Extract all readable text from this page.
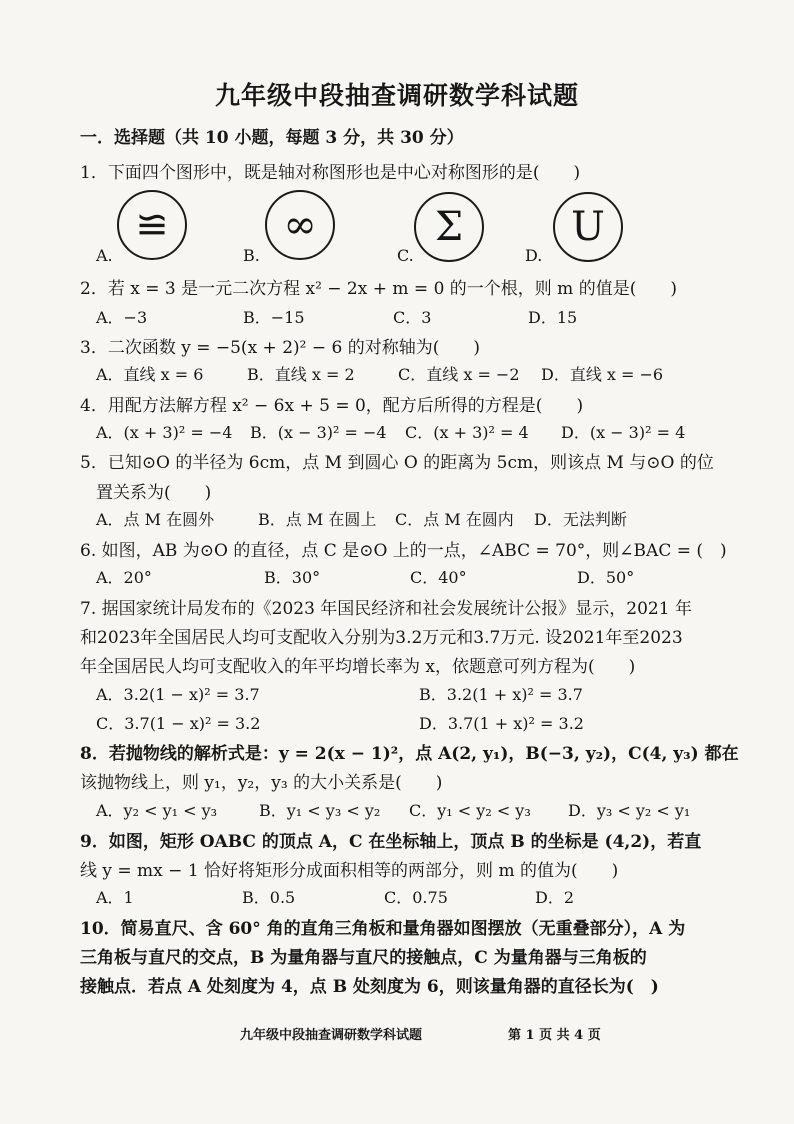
九年级中段抽查调研数学科试题
一．选择题（共 10 小题，每题 3 分，共 30 分）
1．下面四个图形中，既是轴对称图形也是中心对称图形的是(　　)
A.
≌
B.
∞
C.
Σ
D.
U
2．若 x = 3 是一元二次方程 x² − 2x + m = 0 的一个根，则 m 的值是(　　)
A．−3	B．−15	C．3	D．15
3．二次函数 y = −5(x + 2)² − 6 的对称轴为(　　)
A．直线 x = 6	B．直线 x = 2	C．直线 x = −2 D．直线 x = −6
4．用配方法解方程 x² − 6x + 5 = 0，配方后所得的方程是(　　)
A．(x + 3)² = −4 B．(x − 3)² = −4 C．(x + 3)² = 4 D．(x − 3)² = 4
5．已知⊙O 的半径为 6cm，点 M 到圆心 O 的距离为 5cm，则该点 M 与⊙O 的位
置关系为(　　)
A．点 M 在圆外	B．点 M 在圆上 C．点 M 在圆内 D．无法判断
6. 如图，AB 为⊙O 的直径，点 C 是⊙O 上的一点，∠ABC = 70°，则∠BAC = (　)
A．20°	B．30°	C．40°	D．50°
7. 据国家统计局发布的《2023 年国民经济和社会发展统计公报》显示，2021 年
和2023年全国居民人均可支配收入分别为3.2万元和3.7万元. 设2021年至2023
年全国居民人均可支配收入的年平均增长率为 x，依题意可列方程为(　　)
A．3.2(1 − x)² = 3.7	B．3.2(1 + x)² = 3.7
C．3.7(1 − x)² = 3.2	D．3.7(1 + x)² = 3.2
8．若抛物线的解析式是：y = 2(x − 1)²，点 A(2, y₁)，B(−3, y₂)，C(4, y₃) 都在
该抛物线上，则 y₁，y₂，y₃ 的大小关系是(　　)
A．y₂ < y₁ < y₃	B．y₁ < y₃ < y₂ C．y₁ < y₂ < y₃ D．y₃ < y₂ < y₁
9．如图，矩形 OABC 的顶点 A，C 在坐标轴上，顶点 B 的坐标是 (4,2)，若直
线 y = mx − 1 恰好将矩形分成面积相等的两部分，则 m 的值为(　　)
A．1	B．0.5	C．0.75	D．2
10．简易直尺、含 60° 角的直角三角板和量角器如图摆放（无重叠部分），A 为
三角板与直尺的交点，B 为量角器与直尺的接触点，C 为量角器与三角板的
接触点．若点 A 处刻度为 4，点 B 处刻度为 6，则该量角器的直径长为(　)
九年级中段抽查调研数学科试题	第 1 页 共 4 页
